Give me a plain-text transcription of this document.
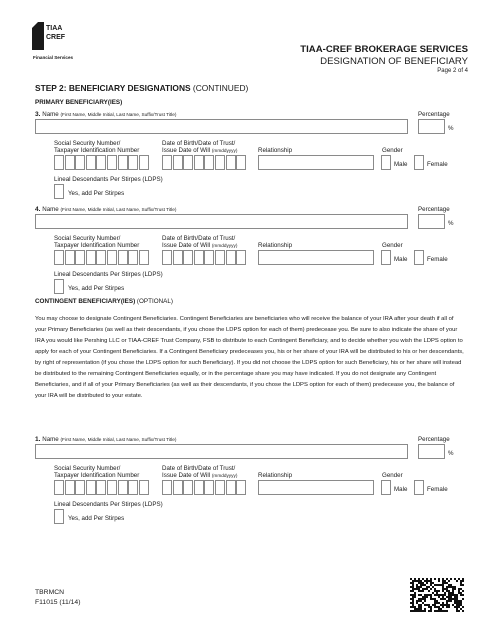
TIAA
CREF
Financial Services
TIAA-CREF BROKERAGE SERVICES
DESIGNATION OF BENEFICIARY
Page 2 of 4
STEP 2: BENEFICIARY DESIGNATIONS (CONTINUED)
PRIMARY BENEFICIARY(IES)
3. Name (First Name, Middle Initial, Last Name, Suffix/Trust Title)	Percentage
%
Social Security Number/
Taxpayer Identification Number
Date of Birth/Date of Trust/
Issue Date of Will (mmddyyyy)	Relationship	Gender
Male	Female
Lineal Descendants Per Stirpes (LDPS)
Yes, add Per Stirpes
4. Name (First Name, Middle Initial, Last Name, Suffix/Trust Title)	Percentage
%
Social Security Number/
Taxpayer Identification Number
Date of Birth/Date of Trust/
Issue Date of Will (mmddyyyy)	Relationship	Gender
Male	Female
Lineal Descendants Per Stirpes (LDPS)
Yes, add Per Stirpes
CONTINGENT BENEFICIARY(IES) (OPTIONAL)
You may choose to designate Contingent Beneficiaries. Contingent Beneficiaries are beneficiaries who will receive the balance of your IRA after your death if all of your Primary Beneficiaries (as well as their descendants, if you chose the LDPS option for each of them) predecease you. Be sure to also indicate the share of your IRA you would like Pershing LLC or TIAA-CREF Trust Company, FSB to distribute to each Contingent Beneficiary, and to decide whether you wish the LDPS option to apply for each of your Contingent Beneficiaries. If a Contingent Beneficiary predeceases you, his or her share of your IRA will be distributed to his or her descendants, by right of representation (if you chose the LDPS option for such Beneficiary). If you did not choose the LDPS option for such Beneficiary, his or her share will instead be distributed to the remaining Contingent Beneficiaries equally, or in the percentage share you may have indicated. If you do not designate any Contingent Beneficiaries, and if all of your Primary Beneficiaries (as well as their descendants, if you chose the LDPS option for each of them) predecease you, the balance of your IRA will be distributed to your estate.
1. Name (First Name, Middle Initial, Last Name, Suffix/Trust Title)	Percentage
%
Social Security Number/
Taxpayer Identification Number
Date of Birth/Date of Trust/
Issue Date of Will (mmddyyyy)	Relationship	Gender
Male	Female
Lineal Descendants Per Stirpes (LDPS)
Yes, add Per Stirpes
TBRMCN
F11015 (11/14)
